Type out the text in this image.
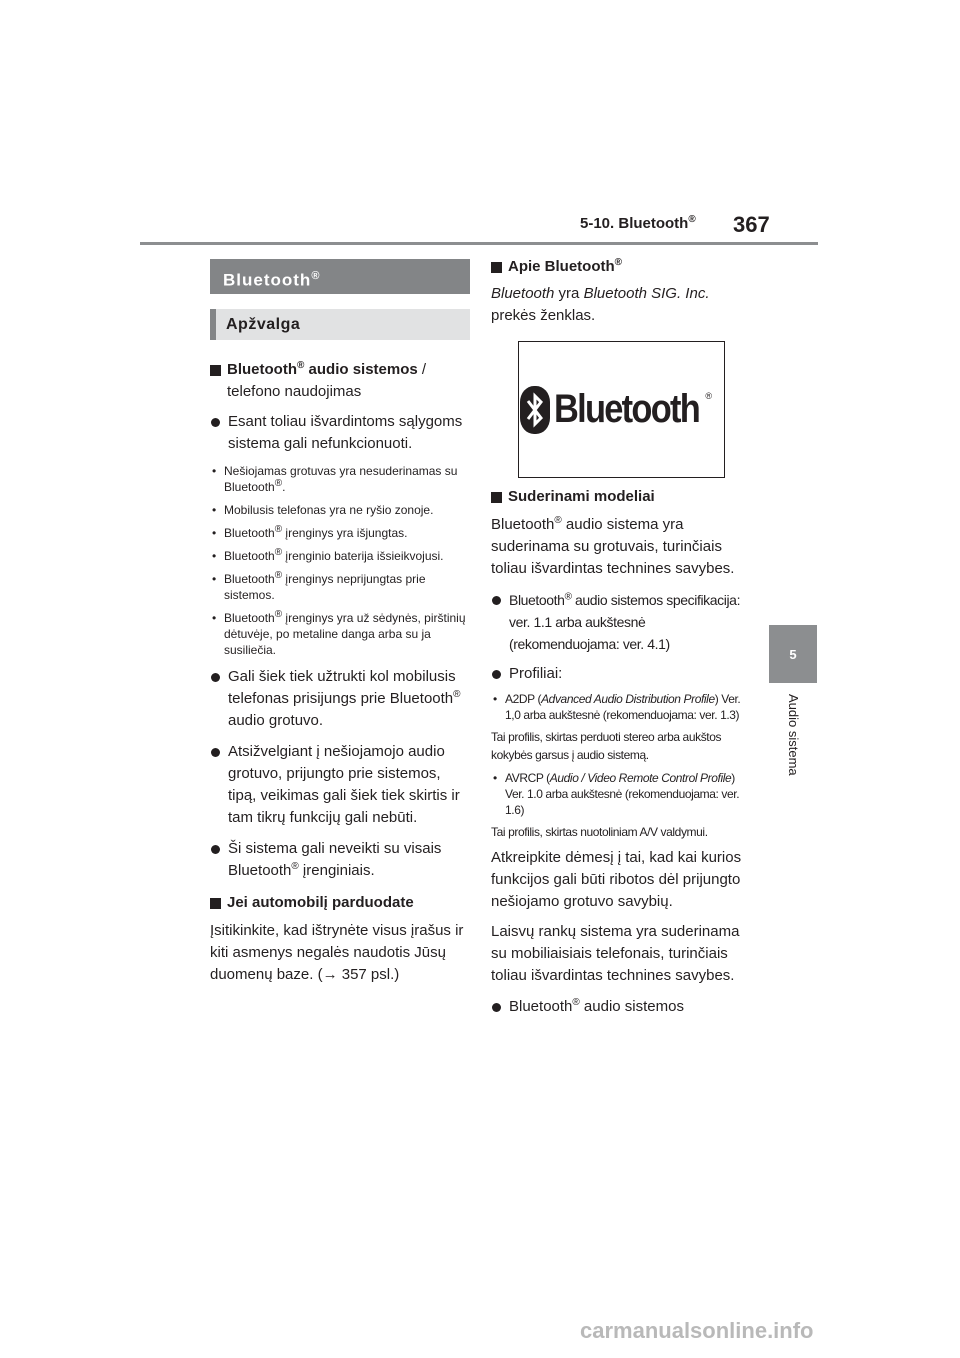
5-10. Bluetooth® 367
5
Audio sistema
Bluetooth®
Apžvalga
Bluetooth® audio sistemos / telefono naudojimas
Esant toliau išvardintoms sąlygoms sistema gali nefunkcionuoti.
• Nešiojamas grotuvas yra nesuderinamas su Bluetooth®.
• Mobilusis telefonas yra ne ryšio zonoje.
• Bluetooth® įrenginys yra išjungtas.
• Bluetooth® įrenginio baterija išsieikvojusi.
• Bluetooth® įrenginys neprijungtas prie sistemos.
• Bluetooth® įrenginys yra už sėdynės, pirštinių dėtuvėje, po metaline danga arba su ja susiliečia.
Gali šiek tiek užtrukti kol mobilusis telefonas prisijungs prie Bluetooth® audio grotuvo.
Atsižvelgiant į nešiojamojo audio grotuvo, prijungto prie sistemos, tipą, veikimas gali šiek tiek skirtis ir tam tikrų funkcijų gali nebūti.
Ši sistema gali neveikti su visais Bluetooth® įrenginiais.
Jei automobilį parduodate
Įsitikinkite, kad ištrynėte visus įrašus ir kiti asmenys negalės naudotis Jūsų duomenų baze. (→ 357 psl.)
Apie Bluetooth®
Bluetooth yra Bluetooth SIG. Inc. prekės ženklas.
Bluetooth ®
Suderinami modeliai
Bluetooth® audio sistema yra suderinama su grotuvais, turinčiais toliau išvardintas technines savybes.
Bluetooth® audio sistemos specifikacija: ver. 1.1 arba aukštesnė (rekomenduojama: ver. 4.1)
Profiliai:
• A2DP (Advanced Audio Distribution Profile) Ver. 1,0 arba aukštesnė (rekomenduojama: ver. 1.3)
Tai profilis, skirtas perduoti stereo arba aukštos kokybės garsus į audio sistemą.
• AVRCP (Audio / Video Remote Control Profile) Ver. 1.0 arba aukštesnė (rekomenduojama: ver. 1.6)
Tai profilis, skirtas nuotoliniam A/V valdymui.
Atkreipkite dėmesį į tai, kad kai kurios funkcijos gali būti ribotos dėl prijungto nešiojamo grotuvo savybių.
Laisvų rankų sistema yra suderinama su mobiliaisiais telefonais, turinčiais toliau išvardintas technines savybes.
Bluetooth® audio sistemos
carmanualsonline.info
